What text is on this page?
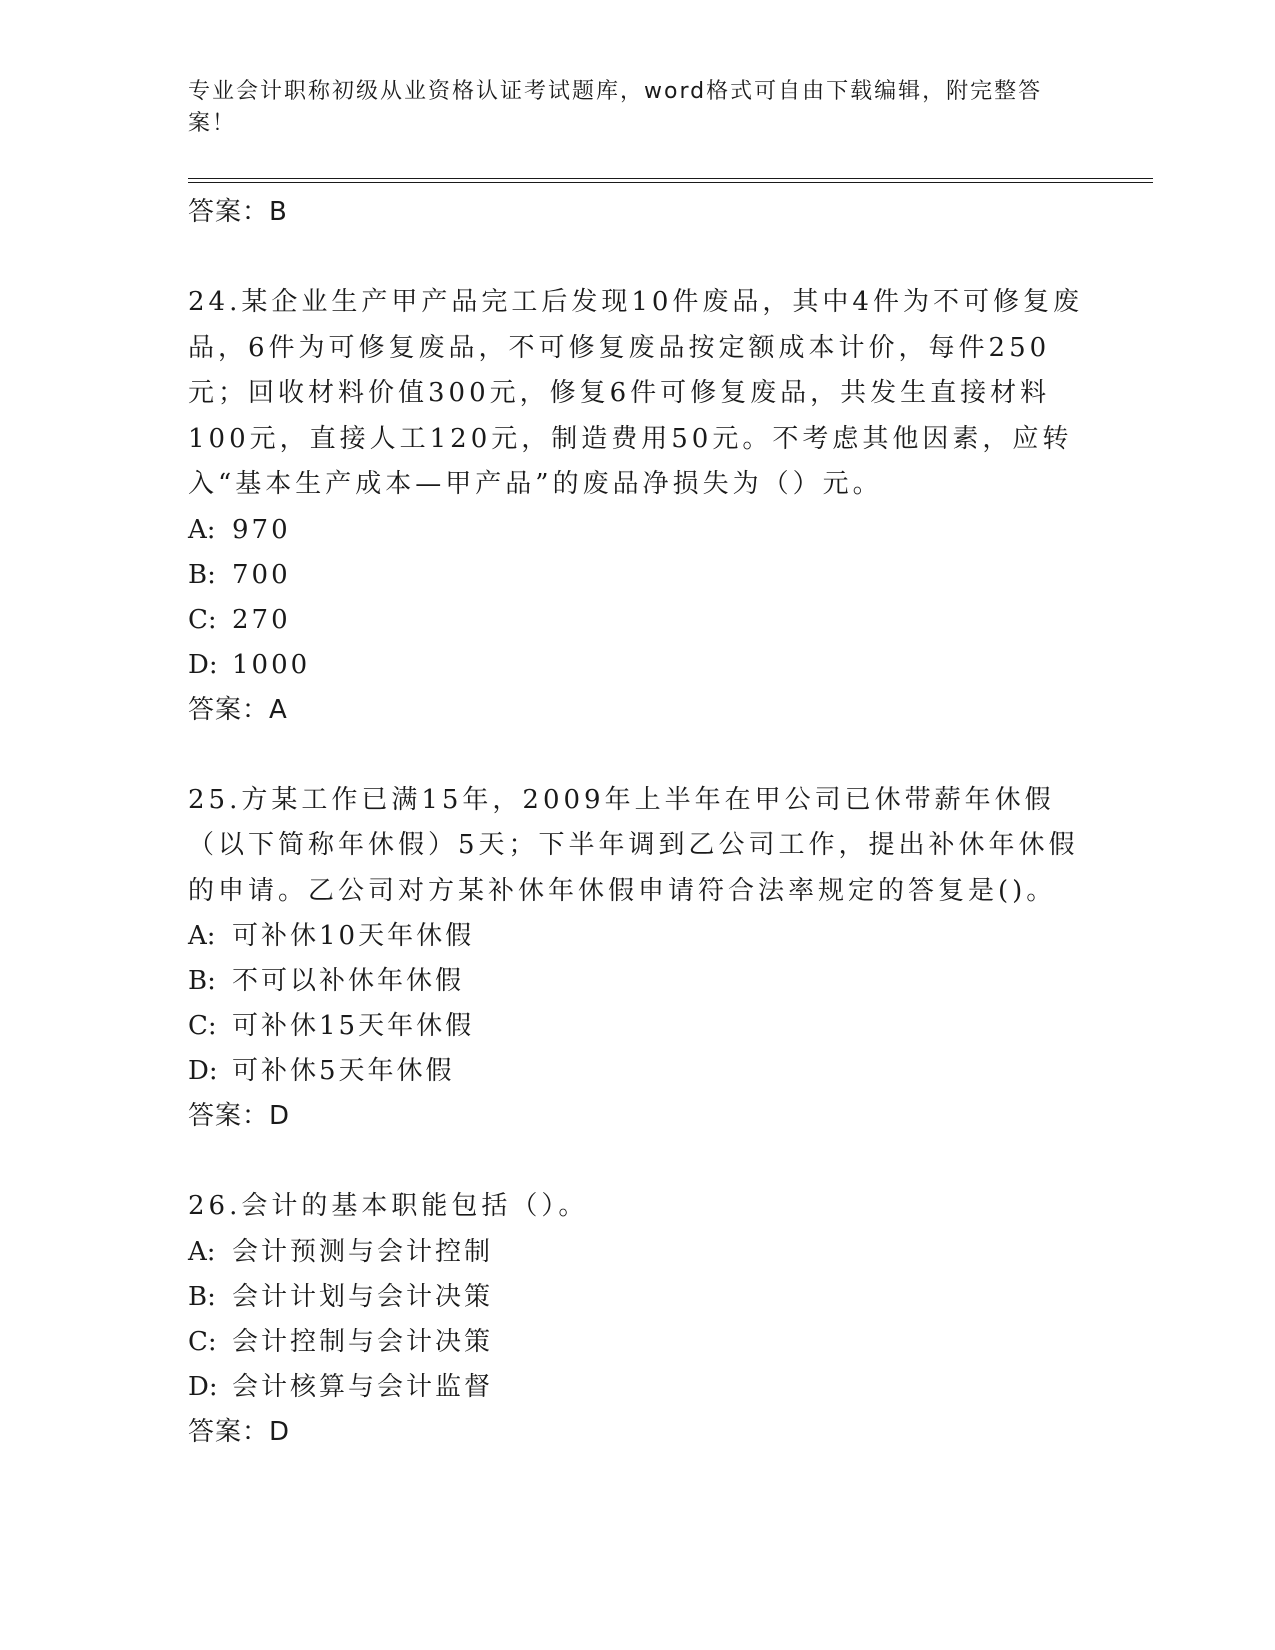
专业会计职称初级从业资格认证考试题库，word格式可自由下载编辑，附完整答案！
答案：B
24.某企业生产甲产品完工后发现10件废品，其中4件为不可修复废品，6件为可修复废品，不可修复废品按定额成本计价，每件250元；回收材料价值300元，修复6件可修复废品，共发生直接材料100元，直接人工120元，制造费用50元。不考虑其他因素，应转入“基本生产成本—甲产品”的废品净损失为（）元。
A: 970
B: 700
C: 270
D: 1000
答案：A
25.方某工作已满15年，2009年上半年在甲公司已休带薪年休假（以下简称年休假）5天；下半年调到乙公司工作，提出补休年休假的申请。乙公司对方某补休年休假申请符合法率规定的答复是()。
A: 可补休10天年休假
B: 不可以补休年休假
C: 可补休15天年休假
D: 可补休5天年休假
答案：D
26.会计的基本职能包括（）。
A: 会计预测与会计控制
B: 会计计划与会计决策
C: 会计控制与会计决策
D: 会计核算与会计监督
答案：D
